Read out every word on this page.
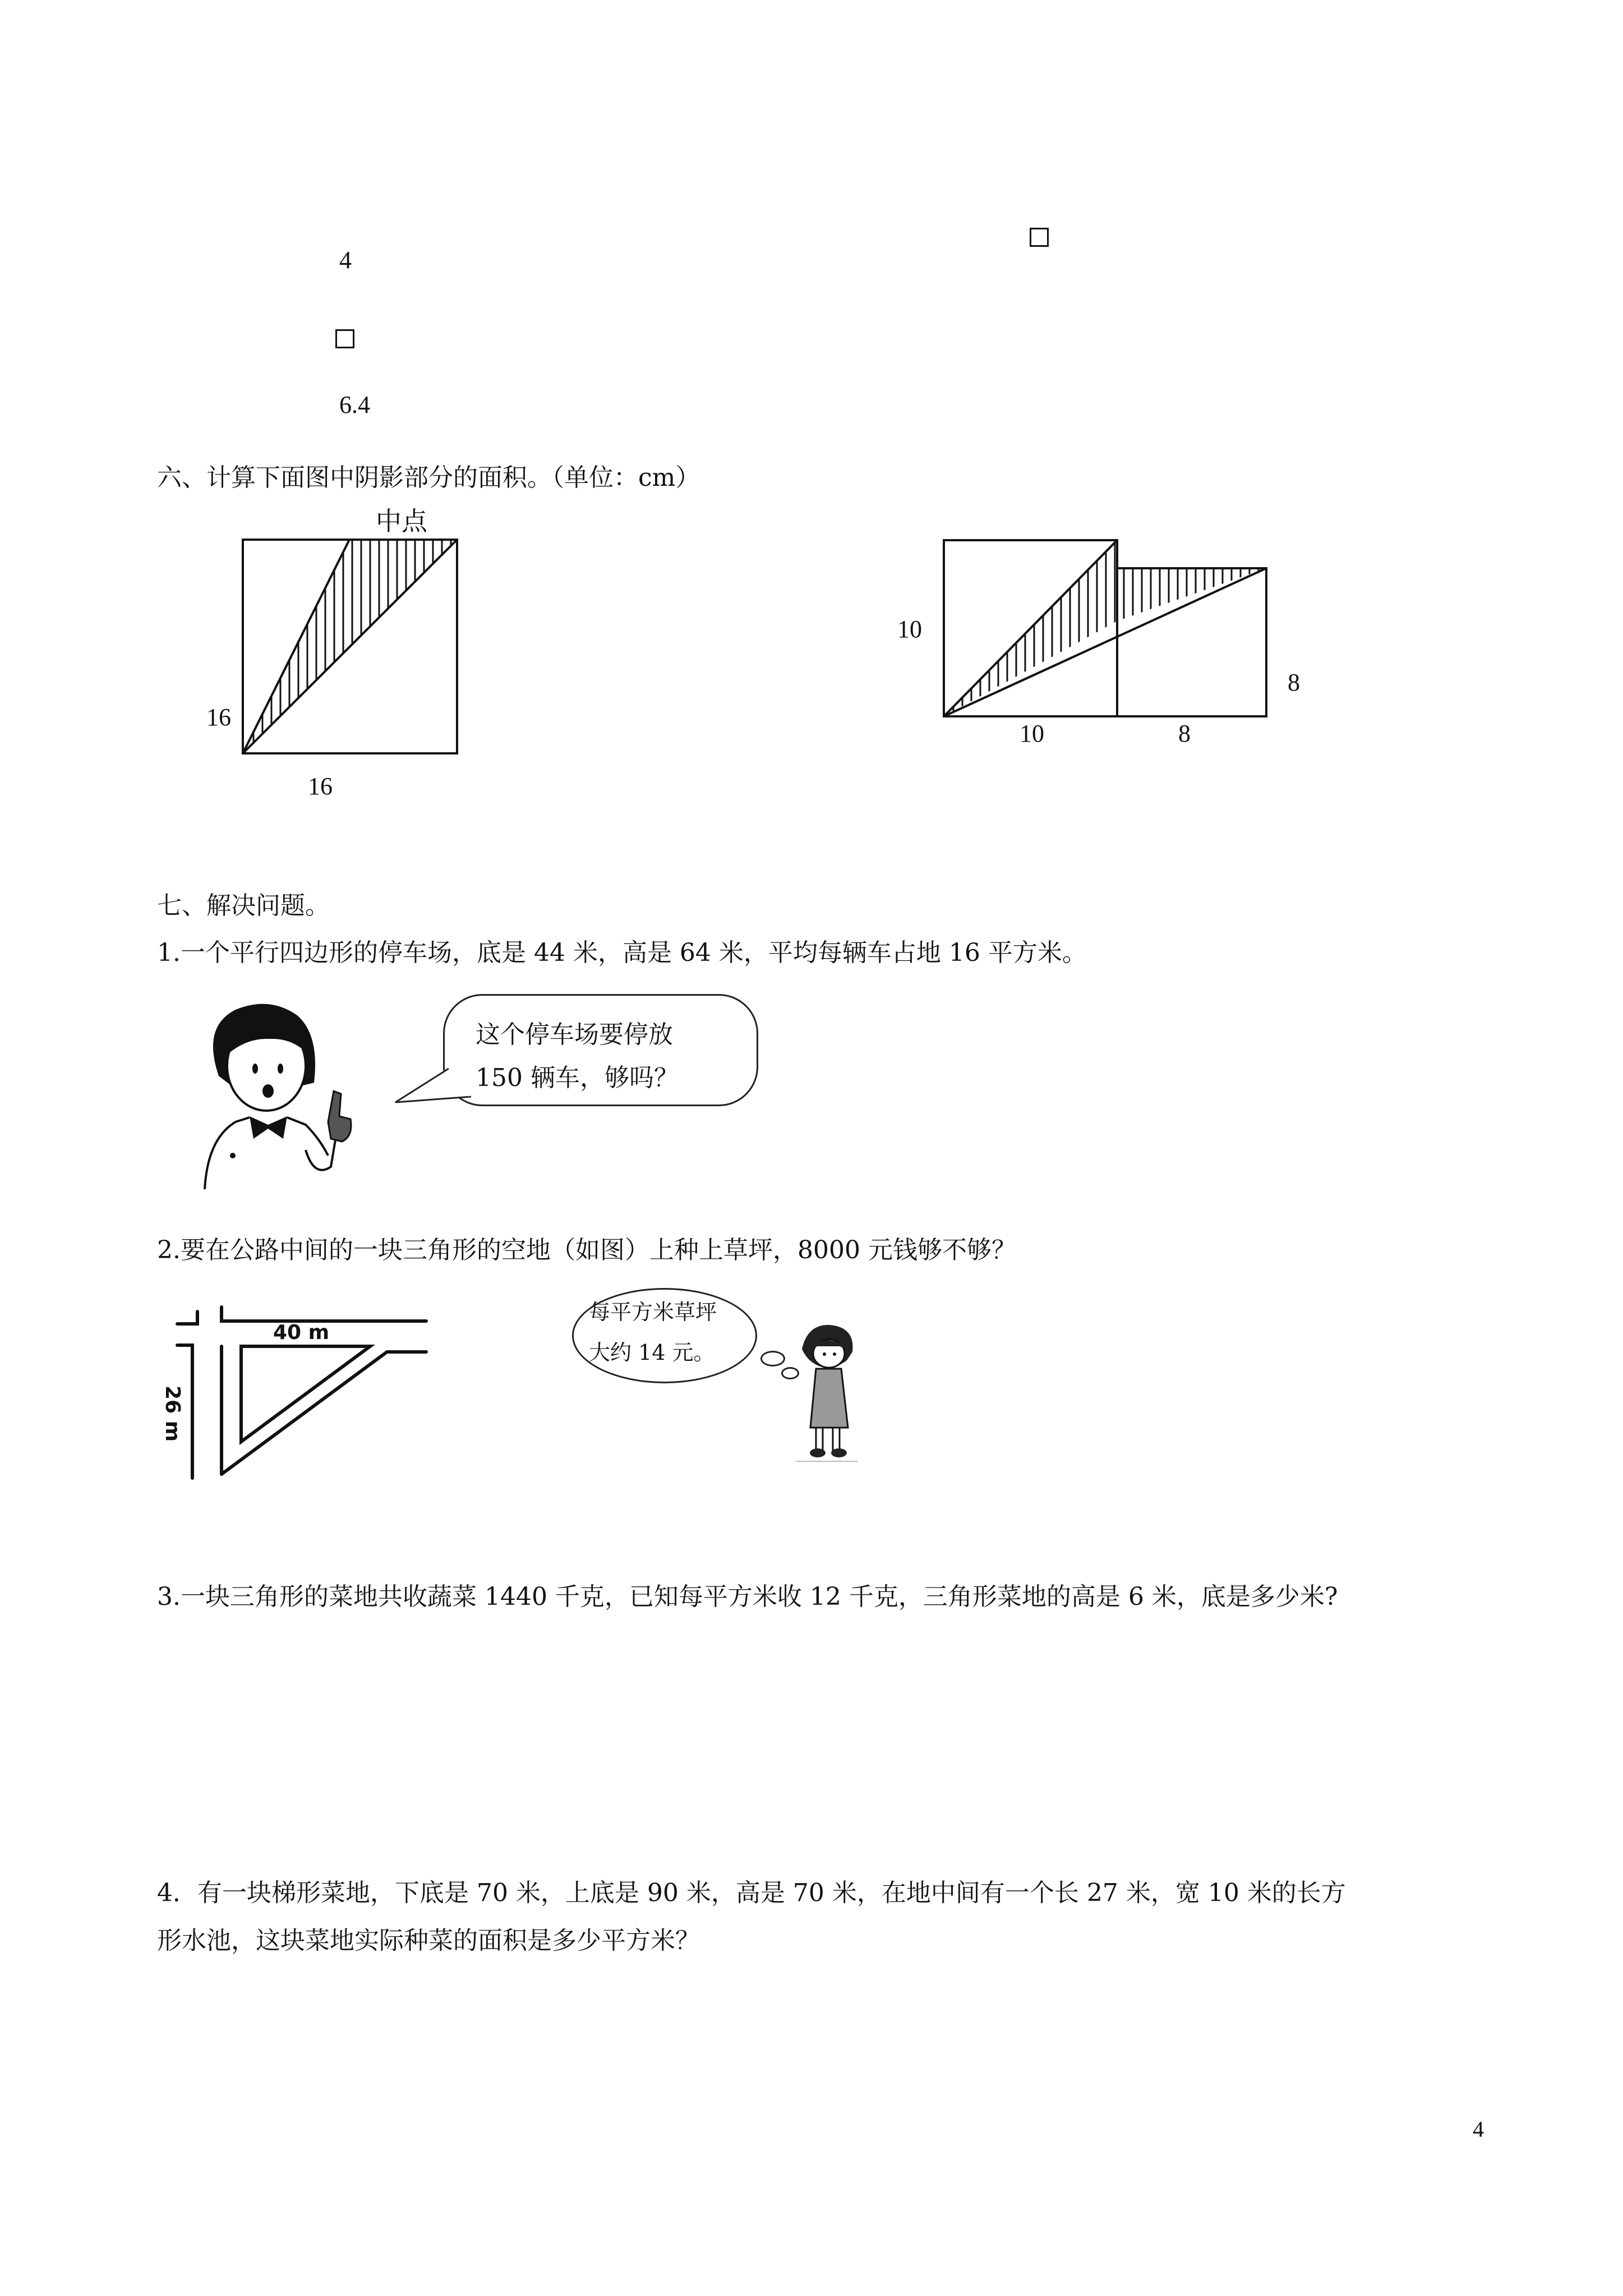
4
6.4
六、计算下面图中阴影部分的面积。（单位：cm）
中点
16
16
10
10	8
8
七、解决问题。
1.一个平行四边形的停车场，底是 44 米，高是 64 米，平均每辆车占地 16 平方米。
这个停车场要停放
150 辆车，够吗？
2.要在公路中间的一块三角形的空地（如图）上种上草坪，8000 元钱够不够？
40 m
26 m
每平方米草坪
大约 14 元。
3.一块三角形的菜地共收蔬菜 1440 千克，已知每平方米收 12 千克，三角形菜地的高是 6 米，底是多少米?
4．有一块梯形菜地，下底是 70 米，上底是 90 米，高是 70 米，在地中间有一个长 27 米，宽 10 米的长方
形水池，这块菜地实际种菜的面积是多少平方米？
4
